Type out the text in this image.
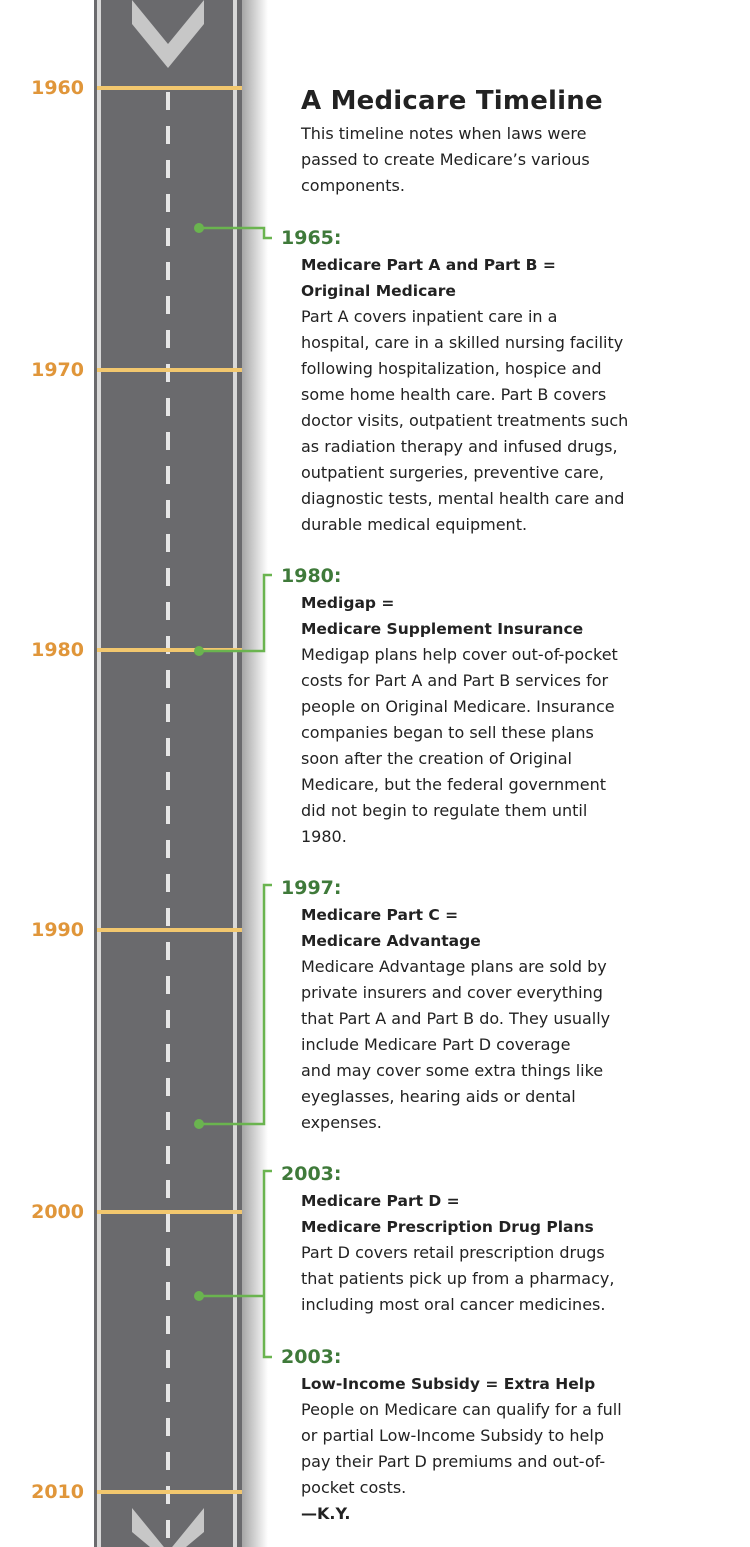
1960
1970
1980
1990
2000
2010
A Medicare Timeline

This timeline notes when laws were
passed to create Medicare’s various
components.

1965:
Medicare Part A and Part B =
Original Medicare
Part A covers inpatient care in a
hospital, care in a skilled nursing facility
following hospitalization, hospice and
some home health care. Part B covers
doctor visits, outpatient treatments such
as radiation therapy and infused drugs,
outpatient surgeries, preventive care,
diagnostic tests, mental health care and
durable medical equipment.
1980:
Medigap =
Medicare Supplement Insurance
Medigap plans help cover out-of-pocket
costs for Part A and Part B services for
people on Original Medicare. Insurance
companies began to sell these plans
soon after the creation of Original
Medicare, but the federal government
did not begin to regulate them until
1980.
1997:
Medicare Part C =
Medicare Advantage
Medicare Advantage plans are sold by
private insurers and cover everything
that Part A and Part B do. They usually
include Medicare Part D coverage
and may cover some extra things like
eyeglasses, hearing aids or dental
expenses.
2003:
Medicare Part D =
Medicare Prescription Drug Plans
Part D covers retail prescription drugs
that patients pick up from a pharmacy,
including most oral cancer medicines.
2003:
Low-Income Subsidy = Extra Help
People on Medicare can qualify for a full
or partial Low-Income Subsidy to help
pay their Part D premiums and out-of-
pocket costs.
—K.Y.
